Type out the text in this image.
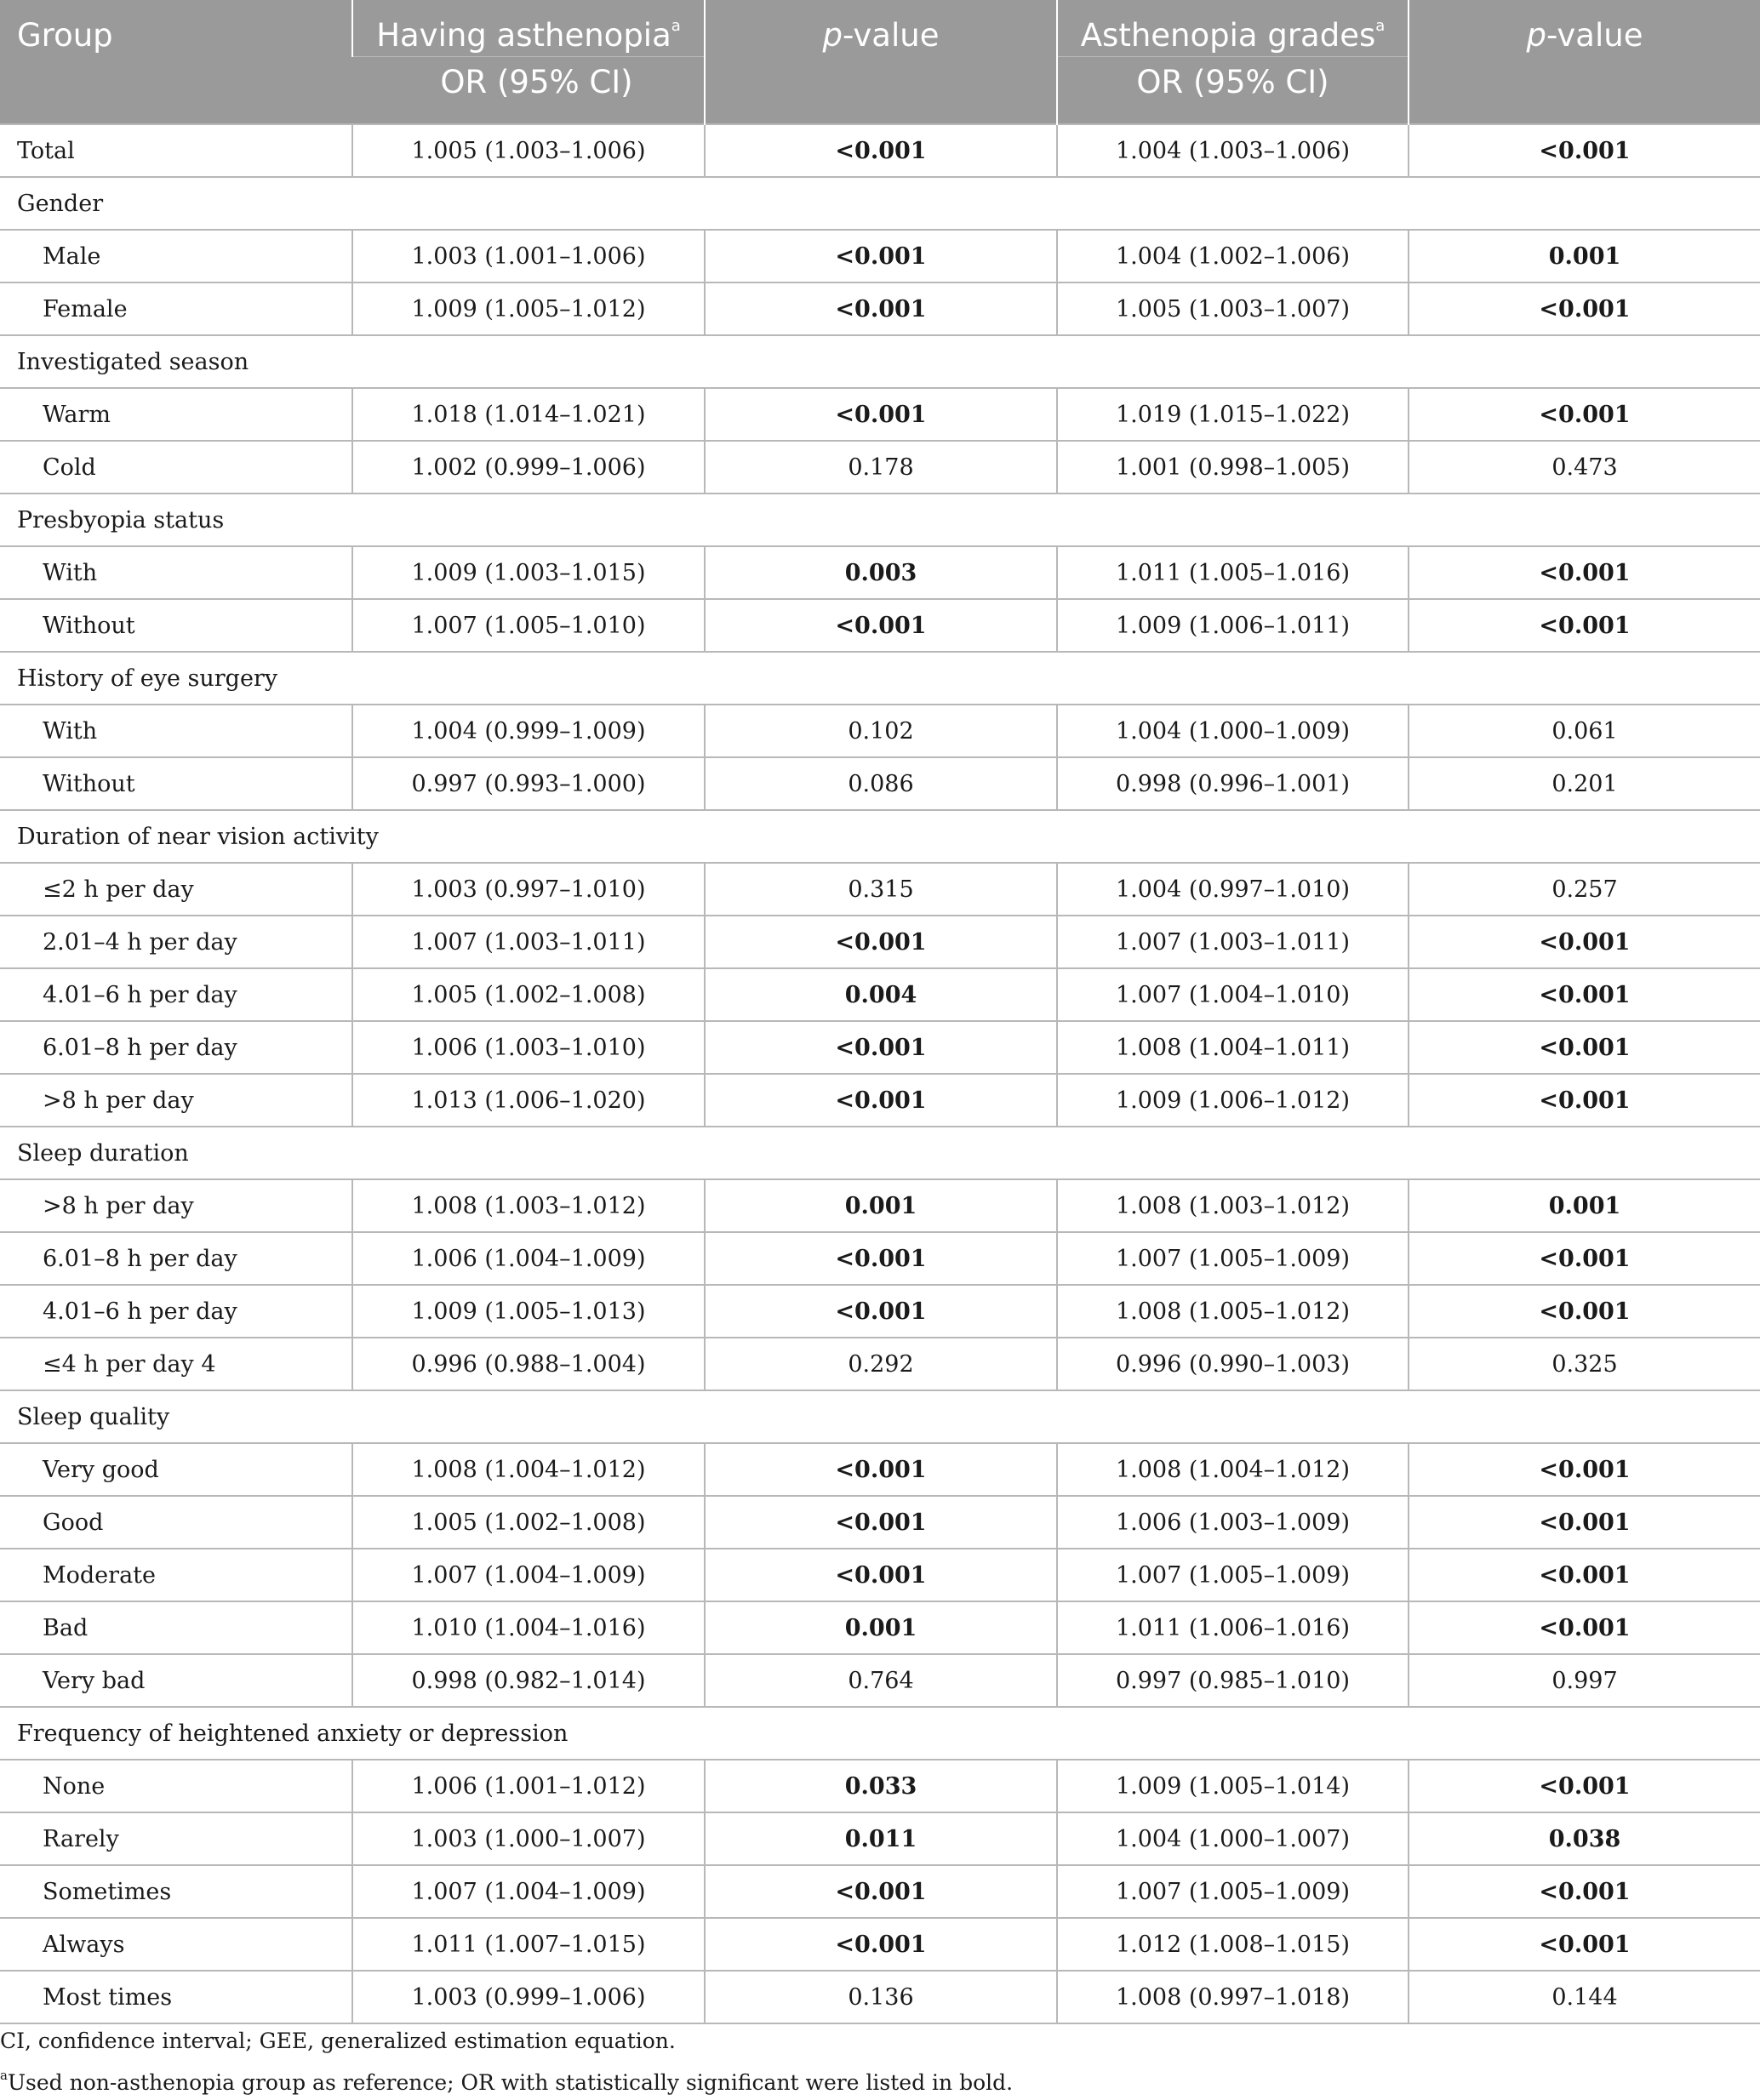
Group	Having asthenopia$^a$	p-value	Asthenopia grades$^a$	p-value
	OR (95% CI)		OR (95% CI)	
Total	1.005 (1.003–1.006)	<0.001	1.004 (1.003–1.006)	<0.001
Gender				
Male	1.003 (1.001–1.006)	<0.001	1.004 (1.002–1.006)	0.001
Female	1.009 (1.005–1.012)	<0.001	1.005 (1.003–1.007)	<0.001
Investigated season				
Warm	1.018 (1.014–1.021)	<0.001	1.019 (1.015–1.022)	<0.001
Cold	1.002 (0.999–1.006)	0.178	1.001 (0.998–1.005)	0.473
Presbyopia status				
With	1.009 (1.003–1.015)	0.003	1.011 (1.005–1.016)	<0.001
Without	1.007 (1.005–1.010)	<0.001	1.009 (1.006–1.011)	<0.001
History of eye surgery				
With	1.004 (0.999–1.009)	0.102	1.004 (1.000–1.009)	0.061
Without	0.997 (0.993–1.000)	0.086	0.998 (0.996–1.001)	0.201
Duration of near vision activity				
≤2 h per day	1.003 (0.997–1.010)	0.315	1.004 (0.997–1.010)	0.257
2.01–4 h per day	1.007 (1.003–1.011)	<0.001	1.007 (1.003–1.011)	<0.001
4.01–6 h per day	1.005 (1.002–1.008)	0.004	1.007 (1.004–1.010)	<0.001
6.01–8 h per day	1.006 (1.003–1.010)	<0.001	1.008 (1.004–1.011)	<0.001
>8 h per day	1.013 (1.006–1.020)	<0.001	1.009 (1.006–1.012)	<0.001
Sleep duration				
>8 h per day	1.008 (1.003–1.012)	0.001	1.008 (1.003–1.012)	0.001
6.01–8 h per day	1.006 (1.004–1.009)	<0.001	1.007 (1.005–1.009)	<0.001
4.01–6 h per day	1.009 (1.005–1.013)	<0.001	1.008 (1.005–1.012)	<0.001
≤4 h per day 4	0.996 (0.988–1.004)	0.292	0.996 (0.990–1.003)	0.325
Sleep quality				
Very good	1.008 (1.004–1.012)	<0.001	1.008 (1.004–1.012)	<0.001
Good	1.005 (1.002–1.008)	<0.001	1.006 (1.003–1.009)	<0.001
Moderate	1.007 (1.004–1.009)	<0.001	1.007 (1.005–1.009)	<0.001
Bad	1.010 (1.004–1.016)	0.001	1.011 (1.006–1.016)	<0.001
Very bad	0.998 (0.982–1.014)	0.764	0.997 (0.985–1.010)	0.997
Frequency of heightened anxiety or depression				
None	1.006 (1.001–1.012)	0.033	1.009 (1.005–1.014)	<0.001
Rarely	1.003 (1.000–1.007)	0.011	1.004 (1.000–1.007)	0.038
Sometimes	1.007 (1.004–1.009)	<0.001	1.007 (1.005–1.009)	<0.001
Always	1.011 (1.007–1.015)	<0.001	1.012 (1.008–1.015)	<0.001
Most times	1.003 (0.999–1.006)	0.136	1.008 (0.997–1.018)	0.144
CI, confidence interval; GEE, generalized estimation equation.
$^a$Used non-asthenopia group as reference; OR with statistically significant were listed in bold.
